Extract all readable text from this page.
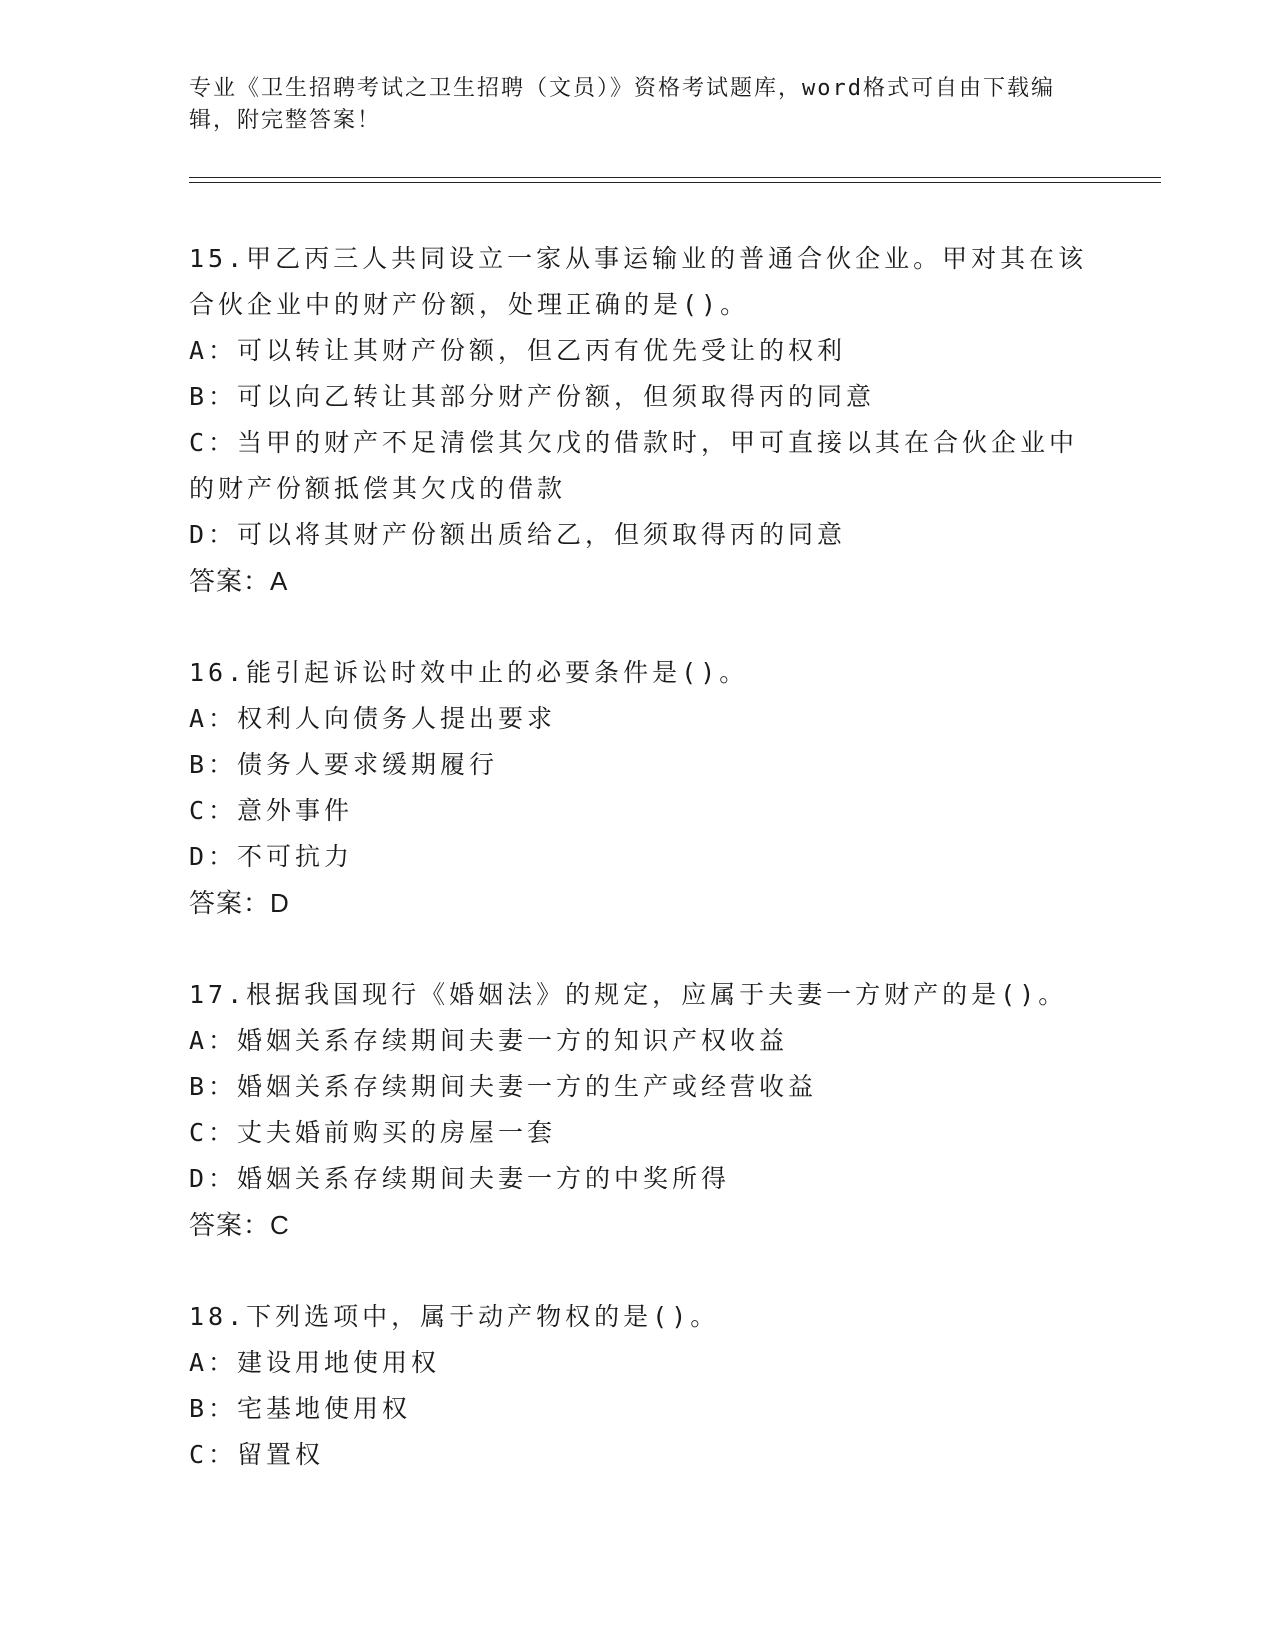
专业《卫生招聘考试之卫生招聘（文员）》资格考试题库，word格式可自由下载编辑，附完整答案！
15.甲乙丙三人共同设立一家从事运输业的普通合伙企业。甲对其在该合伙企业中的财产份额，处理正确的是()。
A：可以转让其财产份额，但乙丙有优先受让的权利
B：可以向乙转让其部分财产份额，但须取得丙的同意
C：当甲的财产不足清偿其欠戊的借款时，甲可直接以其在合伙企业中的财产份额抵偿其欠戊的借款
D：可以将其财产份额出质给乙，但须取得丙的同意
答案：A
16.能引起诉讼时效中止的必要条件是()。
A：权利人向债务人提出要求
B：债务人要求缓期履行
C：意外事件
D：不可抗力
答案：D
17.根据我国现行《婚姻法》的规定，应属于夫妻一方财产的是()。
A：婚姻关系存续期间夫妻一方的知识产权收益
B：婚姻关系存续期间夫妻一方的生产或经营收益
C：丈夫婚前购买的房屋一套
D：婚姻关系存续期间夫妻一方的中奖所得
答案：C
18.下列选项中，属于动产物权的是()。
A：建设用地使用权
B：宅基地使用权
C：留置权
